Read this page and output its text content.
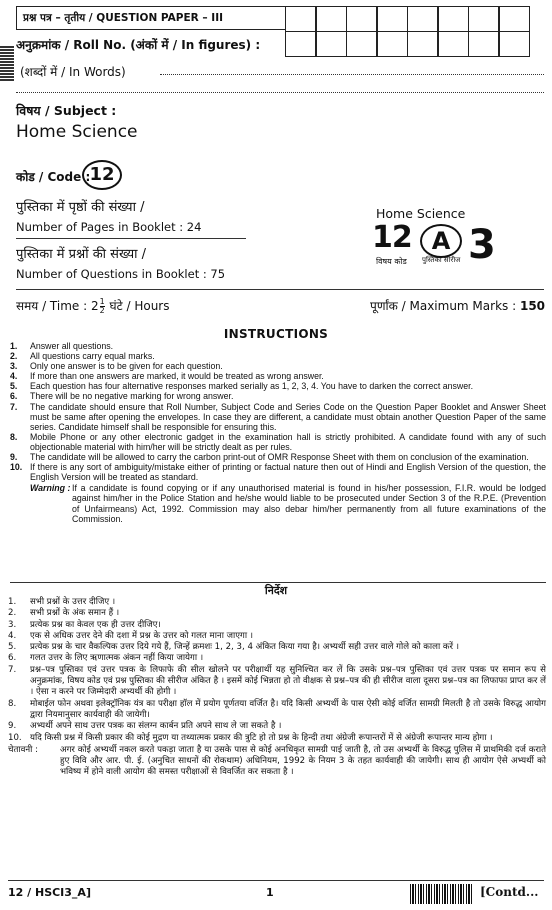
प्रश्न पत्र – तृतीय / QUESTION PAPER – III
अनुक्रमांक / Roll No. (अंकों में / In figures) :
(शब्दों में / In Words)
विषय / Subject :
Home Science
कोड / Code : 12
पुस्तिका में पृष्ठों की संख्या /
Number of Pages in Booklet : 24
पुस्तिका में प्रश्नों की संख्या /
Number of Questions in Booklet : 75
Home Science
12 A 3
विषय कोड पुस्तिका सीरीज
समय / Time : $2 \frac{1}{2}$ घंटे / Hours	पूर्णांक / Maximum Marks : 150
INSTRUCTIONS
1.	Answer all questions.
2.	All questions carry equal marks.
3.	Only one answer is to be given for each question.
4.	If more than one answers are marked, it would be treated as wrong answer.
5.	Each question has four alternative responses marked serially as 1, 2, 3, 4. You have to darken the correct answer.
6.	There will be no negative marking for wrong answer.
7.	The candidate should ensure that Roll Number, Subject Code and Series Code on the Question Paper Booklet and Answer Sheet must be same after opening the envelopes. In case they are different, a candidate must obtain another Question Paper of the same series. Candidate himself shall be responsible for ensuring this.
8.	Mobile Phone or any other electronic gadget in the examination hall is strictly prohibited. A candidate found with any of such objectionable material with him/her will be strictly dealt as per rules.
9.	The candidate will be allowed to carry the carbon print-out of OMR Response Sheet with them on conclusion of the examination.
10. If there is any sort of ambiguity/mistake either of printing or factual nature then out of Hindi and English Version of the question, the English Version will be treated as standard.
Warning : If a candidate is found copying or if any unauthorised material is found in his/her possession, F.I.R. would be lodged against him/her in the Police Station and he/she would liable to be prosecuted under Section 3 of the R.P.E. (Prevention of Unfairmeans) Act, 1992. Commission may also debar him/her permanently from all future examinations of the Commission.
निर्देश
1.	सभी प्रश्नों के उत्तर दीजिए ।
2.	सभी प्रश्नों के अंक समान हैं ।
3.	प्रत्येक प्रश्न का केवल एक ही उत्तर दीजिए।
4.	एक से अधिक उत्तर देने की दशा में प्रश्न के उत्तर को गलत माना जाएगा ।
5.	प्रत्येक प्रश्न के चार वैकल्पिक उत्तर दिये गये हैं, जिन्हें क्रमशः 1, 2, 3, 4 अंकित किया गया है। अभ्यर्थी सही उत्तर वाले गोले को काला करें ।
6.	गलत उत्तर के लिए ऋणात्मक अंकन नहीं किया जायेगा ।
7.	प्रश्न–पत्र पुस्तिका एवं उत्तर पत्रक के लिफाफे की सील खोलने पर परीक्षार्थी यह सुनिश्चित कर लें कि उसके प्रश्न–पत्र पुस्तिका एवं उत्तर पत्रक पर समान रूप से अनुक्रमांक, विषय कोड एवं प्रश्न पुस्तिका की सीरीज अंकित है । इसमें कोई भिन्नता हो तो वीक्षक से प्रश्न–पत्र की ही सीरीज वाला दूसरा प्रश्न–पत्र का लिफाफा प्राप्त कर लें । ऐसा न करने पर जिम्मेदारी अभ्यर्थी की होगी ।
8.	मोबाईल फोन अथवा इलेक्ट्रॉनिक यंत्र का परीक्षा हॉल में प्रयोग पूर्णतया वर्जित है। यदि किसी अभ्यर्थी के पास ऐसी कोई वर्जित सामग्री मिलती है तो उसके विरुद्ध आयोग द्वारा नियमानुसार कार्यवाही की जायेगी।
9.	अभ्यर्थी अपने साथ उत्तर पत्रक का संलग्न कार्बन प्रति अपने साथ ले जा सकते है ।
10. यदि किसी प्रश्न में किसी प्रकार की कोई मुद्रण या तथ्यात्मक प्रकार की त्रुटि हो तो प्रश्न के हिन्दी तथा अंग्रेजी रूपान्तरों में से अंग्रेजी रूपान्तर मान्य होगा ।
चेतावनी :	अगर कोई अभ्यर्थी नकल करते पकड़ा जाता है या उसके पास से कोई अनधिकृत सामग्री पाई जाती है, तो उस अभ्यर्थी के विरुद्ध पुलिस में प्राथमिकी दर्ज कराते हुए विवि और आर. पी. ई. (अनुचित साधनों की रोकथाम) अधिनियम, 1992 के नियम 3 के तहत कार्यवाही की जायेगी। साथ ही आयोग ऐसे अभ्यर्थी को भविष्य में होने वाली आयोग की समस्त परीक्षाओं से विवर्जित कर सकता है ।
12 / HSCI3_A]	1	[Contd...
